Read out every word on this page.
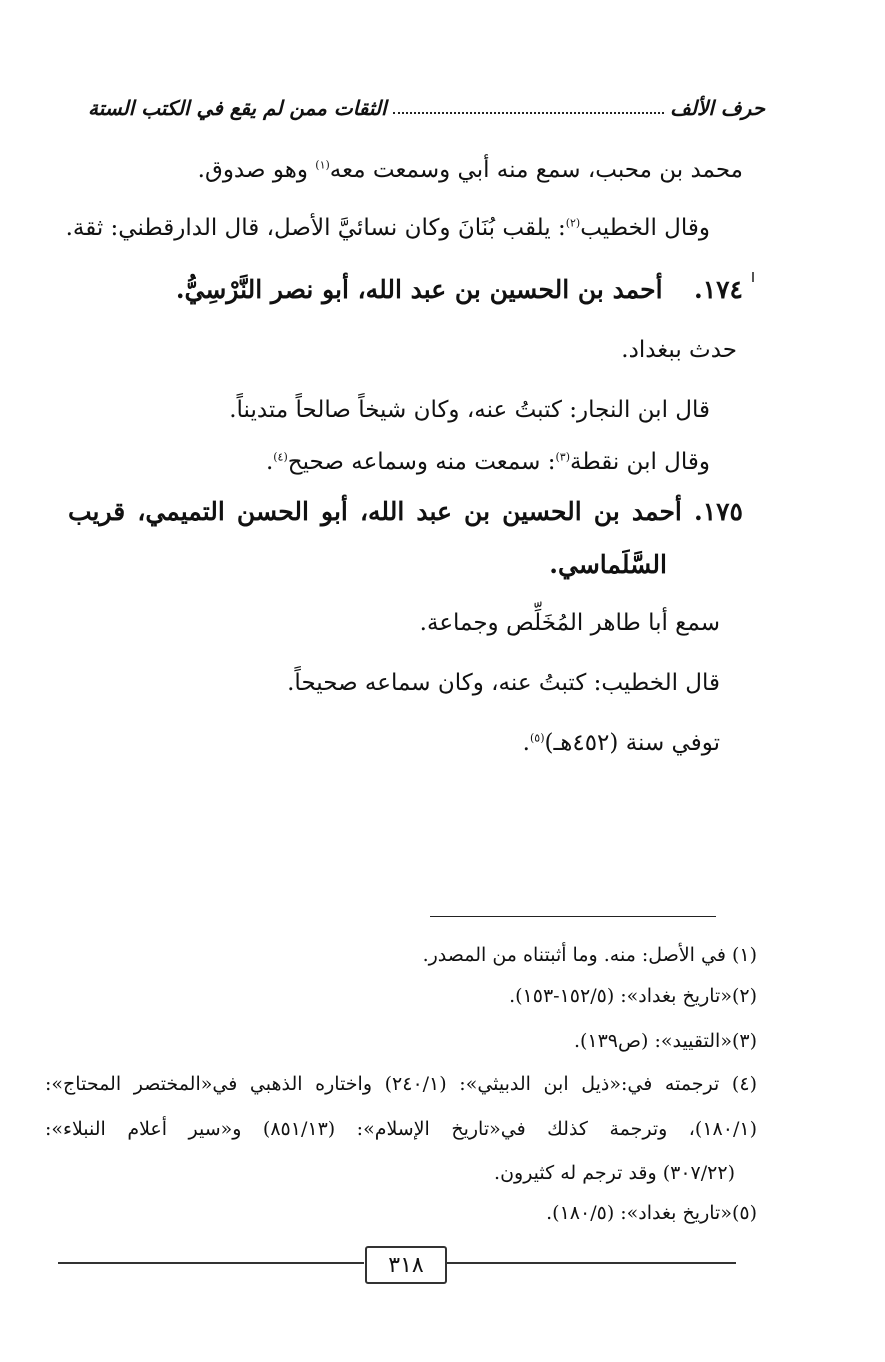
حرف الألف
الثقات ممن لم يقع في الكتب الستة
محمد بن محبب، سمع منه أبي وسمعت معه$^{(١)}$ وهو صدوق.
وقال الخطيب$^{(٢)}$: يلقب بُنَانَ وكان نسائيَّ الأصل، قال الدارقطني: ثقة.
١٧٤.  أحمد بن الحسين بن عبد الله، أبو نصر النَّرْسِيُّ.
حدث ببغداد.
قال ابن النجار: كتبتُ عنه، وكان شيخاً صالحاً متديناً.
وقال ابن نقطة$^{(٣)}$: سمعت منه وسماعه صحيح$^{(٤)}$.
١٧٥. أحمد بن الحسين بن عبد الله، أبو الحسن التميمي، قريب
السَّلَماسي.
سمع أبا طاهر المُخَلِّص وجماعة.
قال الخطيب: كتبتُ عنه، وكان سماعه صحيحاً.
توفي سنة (٤٥٢هـ)$^{(٥)}$.
(١) في الأصل: منه. وما أثبتناه من المصدر.
(٢)«تاريخ بغداد»: (١٥٢/٥-١٥٣).
(٣)«التقييد»: (ص١٣٩).
(٤) ترجمته في:«ذيل ابن الدبيثي»: (٢٤٠/١) واختاره الذهبي في«المختصر المحتاج»:
(١٨٠/١)، وترجمة كذلك في«تاريخ الإسلام»: (٨٥١/١٣) و«سير أعلام النبلاء»:
(٣٠٧/٢٢) وقد ترجم له كثيرون.
(٥)«تاريخ بغداد»: (١٨٠/٥).
٣١٨
